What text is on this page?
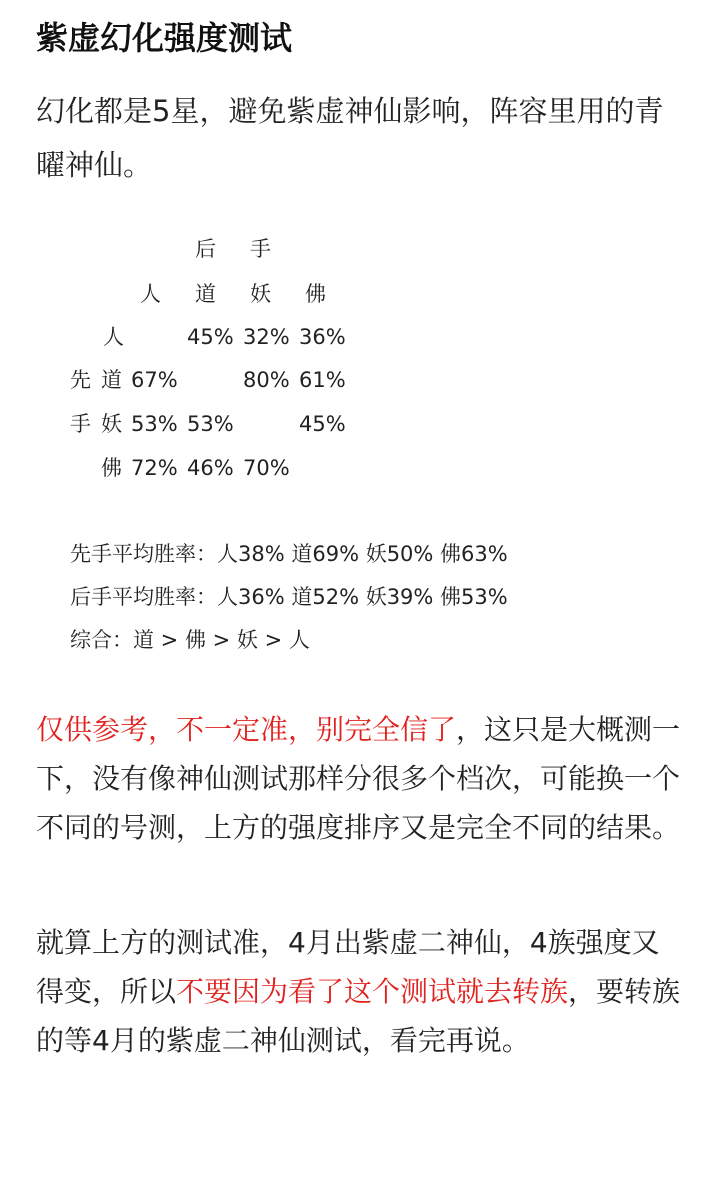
紫虚幻化强度测试
幻化都是5星，避免紫虚神仙影响，阵容里用的青曜神仙。
后 手
人 道 妖 佛
先
手
人	45% 32% 36%
道 67%	80% 61%
妖 53% 53%	45%
佛 72% 46% 70%
先手平均胜率：人38% 道69% 妖50% 佛63%
后手平均胜率：人36% 道52% 妖39% 佛53%
综合：道 > 佛 > 妖 > 人
仅供参考，不一定准，别完全信了，这只是大概测一下，没有像神仙测试那样分很多个档次，可能换一个不同的号测，上方的强度排序又是完全不同的结果。
就算上方的测试准，4月出紫虚二神仙，4族强度又得变，所以不要因为看了这个测试就去转族，要转族的等4月的紫虚二神仙测试，看完再说。
